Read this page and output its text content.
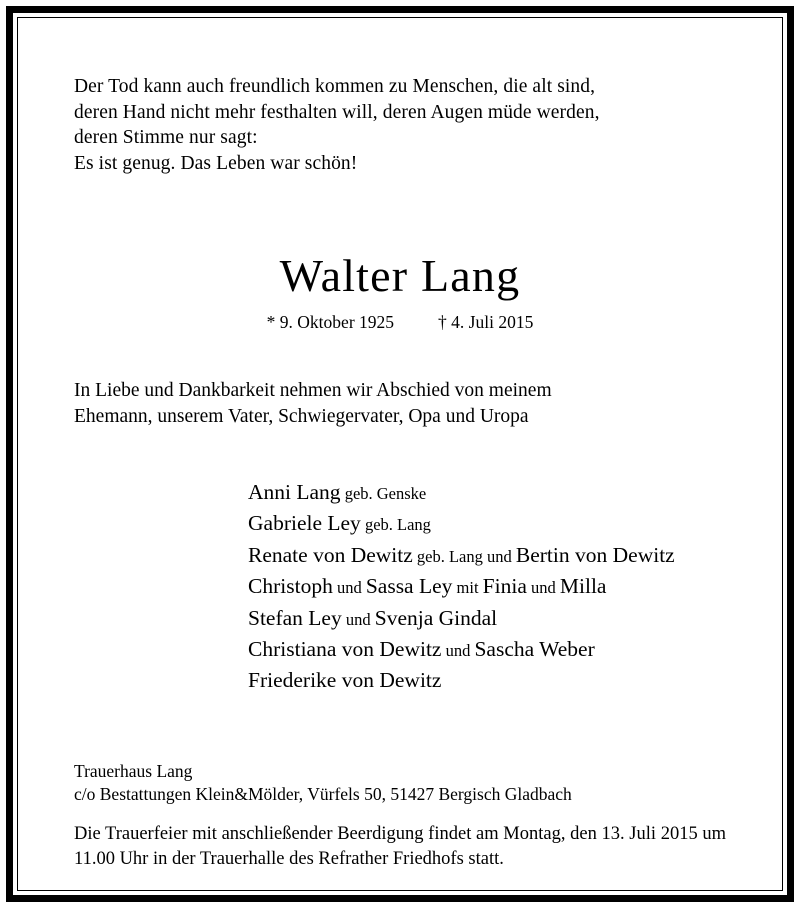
Der Tod kann auch freundlich kommen zu Menschen, die alt sind,
deren Hand nicht mehr festhalten will, deren Augen müde werden,
deren Stimme nur sagt:
Es ist genug. Das Leben war schön!
Walter Lang
* 9. Oktober 1925	† 4. Juli 2015
In Liebe und Dankbarkeit nehmen wir Abschied von meinem
Ehemann, unserem Vater, Schwiegervater, Opa und Uropa
Anni Lang geb. Genske
Gabriele Ley geb. Lang
Renate von Dewitz geb. Lang und Bertin von Dewitz
Christoph und Sassa Ley mit Finia und Milla
Stefan Ley und Svenja Gindal
Christiana von Dewitz und Sascha Weber
Friederike von Dewitz
Trauerhaus Lang
c/o Bestattungen Klein&Mölder, Vürfels 50, 51427 Bergisch Gladbach
Die Trauerfeier mit anschließender Beerdigung findet am Montag, den 13. Juli 2015 um 11.00 Uhr in der Trauerhalle des Refrather Friedhofs statt.
